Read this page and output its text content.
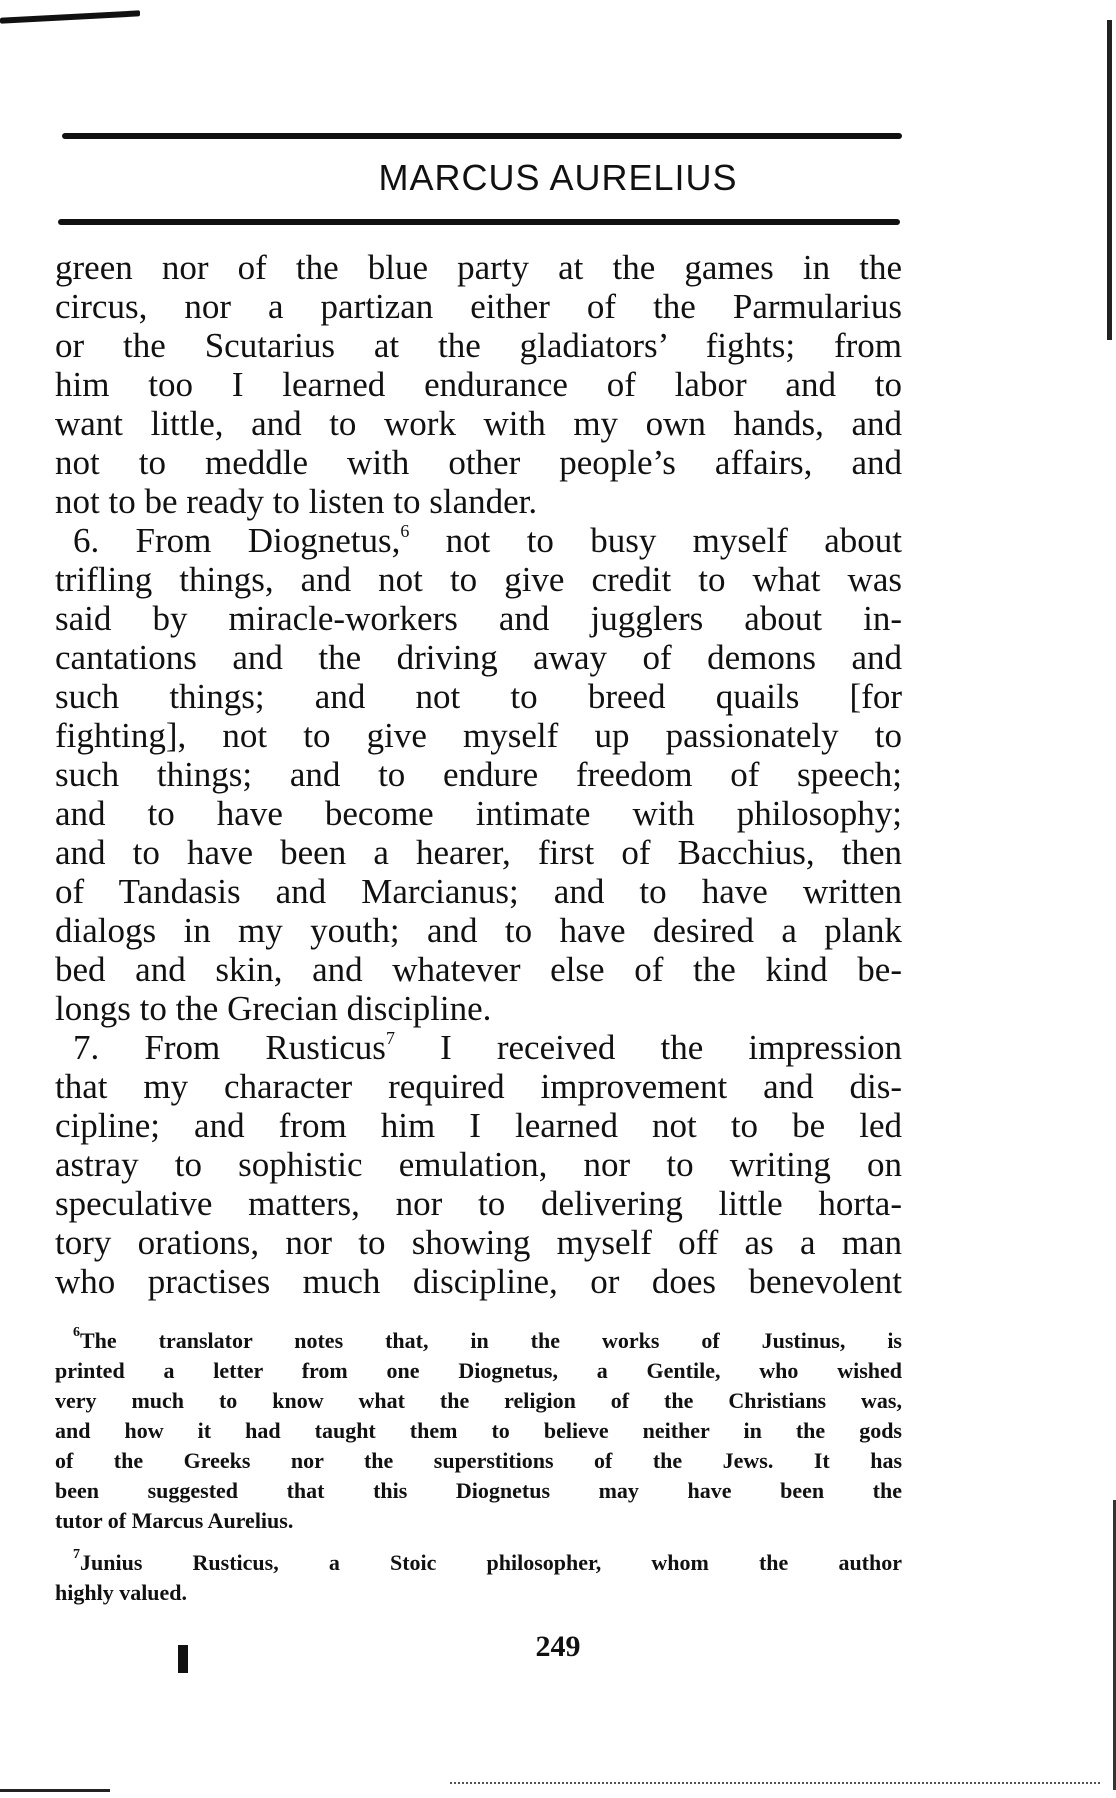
MARCUS AURELIUS
green nor of the blue party at the games in the
circus, nor a partizan either of the Parmularius
or the Scutarius at the gladiators’ fights; from
him too I learned endurance of labor and to
want little, and to work with my own hands, and
not to meddle with other people’s affairs, and
not to be ready to listen to slander.
6. From Diognetus,$^6$ not to busy myself about
trifling things, and not to give credit to what was
said by miracle-workers and jugglers about in-
cantations and the driving away of demons and
such things; and not to breed quails [for
fighting], not to give myself up passionately to
such things; and to endure freedom of speech;
and to have become intimate with philosophy;
and to have been a hearer, first of Bacchius, then
of Tandasis and Marcianus; and to have written
dialogs in my youth; and to have desired a plank
bed and skin, and whatever else of the kind be-
longs to the Grecian discipline.
7. From Rusticus$^7$ I received the impression
that my character required improvement and dis-
cipline; and from him I learned not to be led
astray to sophistic emulation, nor to writing on
speculative matters, nor to delivering little horta-
tory orations, nor to showing myself off as a man
who practises much discipline, or does benevolent
$^6$The translator notes that, in the works of Justinus, is
printed a letter from one Diognetus, a Gentile, who wished
very much to know what the religion of the Christians was,
and how it had taught them to believe neither in the gods
of the Greeks nor the superstitions of the Jews. It has
been suggested that this Diognetus may have been the
tutor of Marcus Aurelius.
$^7$Junius Rusticus, a Stoic philosopher, whom the author
highly valued.
249
